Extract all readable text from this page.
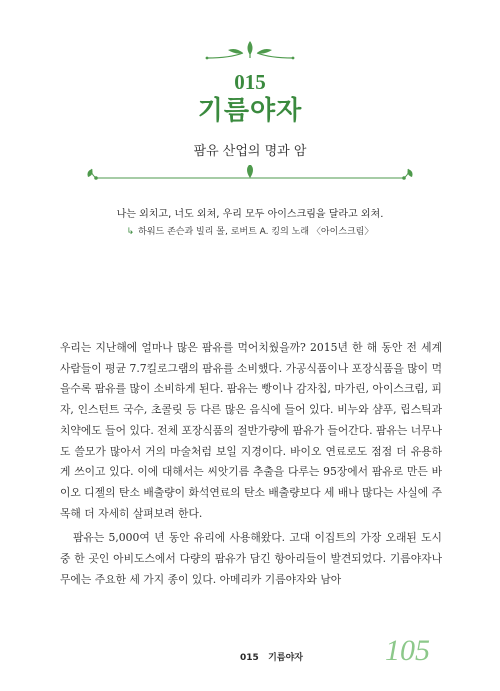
015
기름야자
팜유 산업의 명과 암
나는 외치고, 너도 외쳐, 우리 모두 아이스크림을 달라고 외쳐.
↳ 하워드 존슨과 빌리 몰, 로버트 A. 킹의 노래 〈아이스크림〉

우리는 지난해에 얼마나 많은 팜유를 먹어치웠을까? 2015년 한 해 동안 전 세계 사람들이 평균 7.7킬로그램의 팜유를 소비했다. 가공식품이나 포장식품을 많이 먹을수록 팜유를 많이 소비하게 된다. 팜유는 빵이나 감자칩, 마가린, 아이스크림, 피자, 인스턴트 국수, 초콜릿 등 다른 많은 음식에 들어 있다. 비누와 샴푸, 립스틱과 치약에도 들어 있다. 전체 포장식품의 절반가량에 팜유가 들어간다. 팜유는 너무나도 쓸모가 많아서 거의 마술처럼 보일 지경이다. 바이오 연료로도 점점 더 유용하게 쓰이고 있다. 이에 대해서는 씨앗기름 추출을 다루는 95장에서 팜유로 만든 바이오 디젤의 탄소 배출량이 화석연료의 탄소 배출량보다 세 배나 많다는 사실에 주목해 더 자세히 살펴보려 한다.

팜유는 5,000여 년 동안 유리에 사용해왔다. 고대 이집트의 가장 오래된 도시 중 한 곳인 아비도스에서 다량의 팜유가 담긴 항아리들이 발견되었다. 기름야자나무에는 주요한 세 가지 종이 있다. 아메리카 기름야자와 남아

015   기름야자	105
